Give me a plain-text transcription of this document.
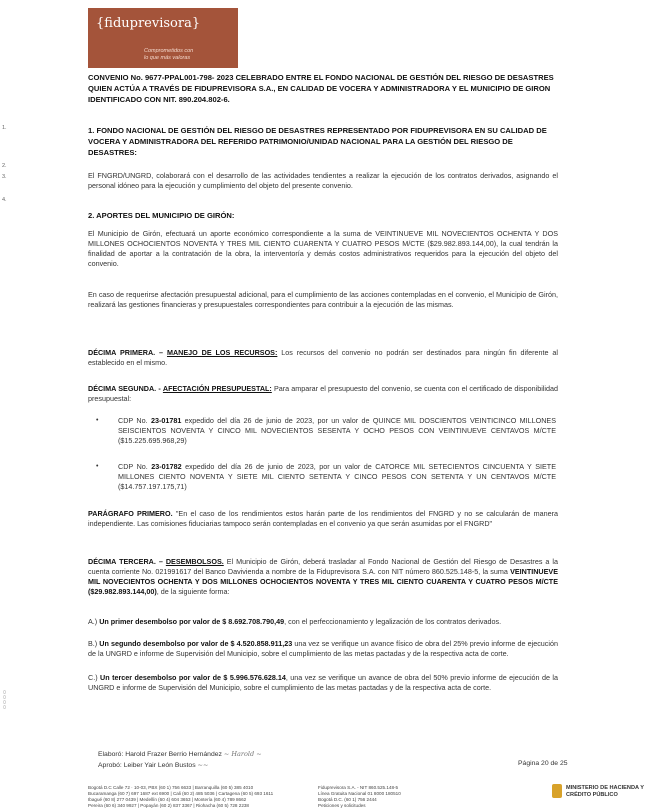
{fiduprevisora}
Comprometidos con
lo que más valoras
1.
2.
3.
4.
CONVENIO No. 9677-PPAL001-798- 2023 CELEBRADO ENTRE EL FONDO NACIONAL DE GESTIÓN DEL RIESGO DE DESASTRES QUIEN ACTÚA A TRAVÉS DE FIDUPREVISORA S.A., EN CALIDAD DE VOCERA Y ADMINISTRADORA Y EL MUNICIPIO DE GIRON IDENTIFICADO CON NIT. 890.204.802-6.
1. FONDO NACIONAL DE GESTIÓN DEL RIESGO DE DESASTRES REPRESENTADO POR FIDUPREVISORA EN SU CALIDAD DE VOCERA Y ADMINISTRADORA DEL REFERIDO PATRIMONIO/UNIDAD NACIONAL PARA LA GESTIÓN DEL RIESGO DE DESASTRES:
El FNGRD/UNGRD, colaborará con el desarrollo de las actividades tendientes a realizar la ejecución de los contratos derivados, asignando el personal idóneo para la ejecución y cumplimiento del objeto del presente convenio.
2. APORTES DEL MUNICIPIO DE GIRÓN:
El Municipio de Girón, efectuará un aporte económico correspondiente a la suma de VEINTINUEVE MIL NOVECIENTOS OCHENTA Y DOS MILLONES OCHOCIENTOS NOVENTA Y TRES MIL CIENTO CUARENTA Y CUATRO PESOS M/CTE ($29.982.893.144,00), la cual tendrán la finalidad de aportar a la contratación de la obra, la interventoría y demás costos administrativos requeridos para la ejecución del objeto del convenio.
En caso de requerirse afectación presupuestal adicional, para el cumplimiento de las acciones contempladas en el convenio, el Municipio de Girón, realizará las gestiones financieras y presupuestales correspondientes para contribuir a la ejecución de las mismas.
DÉCIMA PRIMERA. – MANEJO DE LOS RECURSOS: Los recursos del convenio no podrán ser destinados para ningún fin diferente al establecido en el mismo.
DÉCIMA SEGUNDA. - AFECTACIÓN PRESUPUESTAL: Para amparar el presupuesto del convenio, se cuenta con el certificado de disponibilidad presupuestal:
•	CDP No. 23-01781 expedido del día 26 de junio de 2023, por un valor de QUINCE MIL DOSCIENTOS VEINTICINCO MILLONES SEISCIENTOS NOVENTA Y CINCO MIL NOVECIENTOS SESENTA Y OCHO PESOS CON VEINTINUEVE CENTAVOS M/CTE ($15.225.695.968,29)
•	CDP No. 23-01782 expedido del día 26 de junio de 2023, por un valor de CATORCE MIL SETECIENTOS CINCUENTA Y SIETE MILLONES CIENTO NOVENTA Y SIETE MIL CIENTO SETENTA Y CINCO PESOS CON SETENTA Y UN CENTAVOS M/CTE ($14.757.197.175,71)
PARÁGRAFO PRIMERO. "En el caso de los rendimientos estos harán parte de los rendimientos del FNGRD y no se calcularán de manera independiente. Las comisiones fiduciarias tampoco serán contempladas en el convenio ya que serán asumidas por el FNGRD"
DÉCIMA TERCERA. – DESEMBOLSOS. El Municipio de Girón, deberá trasladar al Fondo Nacional de Gestión del Riesgo de Desastres a la cuenta corriente No. 021991617 del Banco Davivienda a nombre de la Fiduprevisora S.A. con NIT número 860.525.148-5, la suma VEINTINUEVE MIL NOVECIENTOS OCHENTA Y DOS MILLONES OCHOCIENTOS NOVENTA Y TRES MIL CIENTO CUARENTA Y CUATRO PESOS M/CTE ($29.982.893.144,00), de la siguiente forma:
A.) Un primer desembolso por valor de $ 8.692.708.790,49, con el perfeccionamiento y legalización de los contratos derivados.
B.) Un segundo desembolso por valor de $ 4.520.858.911,23 una vez se verifique un avance físico de obra del 25% previo informe de ejecución de la UNGRD e informe de Supervisión del Municipio, sobre el cumplimiento de las metas pactadas y de la respectiva acta de corte.
C.) Un tercer desembolso por valor de $ 5.996.576.628.14, una vez se verifique un avance de obra del 50% previo informe de ejecución de la UNGRD e informe de Supervisión del Municipio, sobre el cumplimiento de las metas pactadas y de la respectiva acta de corte.
▯▯▯▯
Elaboró: Harold Frazer Berrio Hernández ~ Harold ~
Aprobó: Leiber Yair León Bustos ~~	Página 20 de 25
Bogotá D.C Calle 72 · 10-03, PBX (60 1) 756 6633 | Barranquilla (60 5) 385 4010
Bucaramanga (60 7) 697 1687 ext 6900 | Cali (60 2) 485 5036 | Cartagena (60 5) 693 1611
Ibagué (60 8) 277 0439 | Medellín (60 4) 604 3653 | Montería (60 4) 789 8662
Pereira (60 6) 340 9927 | Popayán (60 2) 837 3367 | Riohacha (60 5) 728 2238
Fiduprevisora S.A. - NIT 860.525.148-5
Línea Gratuita Nacional 01 8000 180510
Bogotá D.C. (60 1) 756 2444
Peticiones y solicitudes
MINISTERIO DE HACIENDA Y
CRÉDITO PÚBLICO
